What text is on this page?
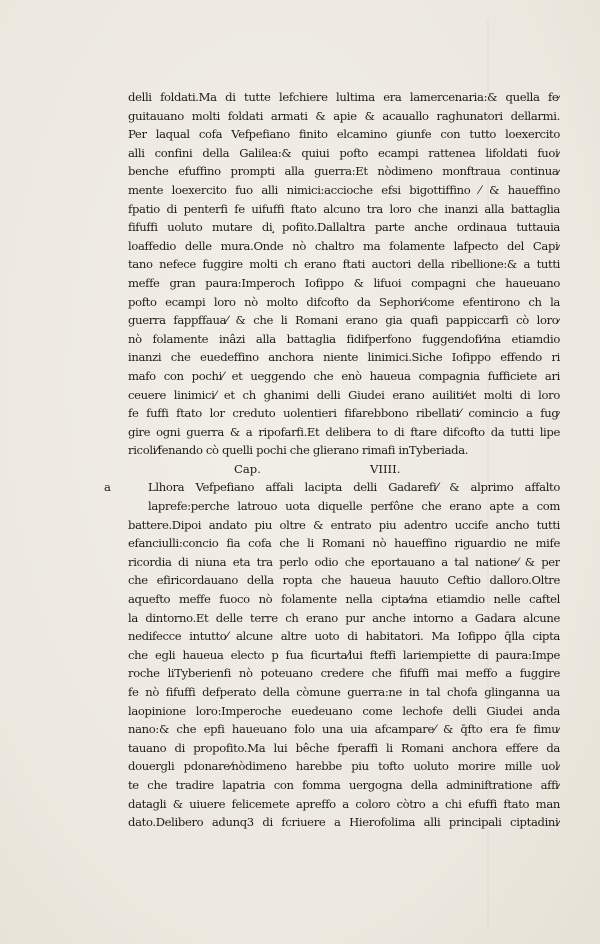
delli foldati.Ma di tutte lefchiere lultima era lamercenaria:& quella fe⁄
guitauano molti foldati armati & apie & acauallo raghunatori dellarmi.
Per laqual cofa Vefpefiano finito elcamino giunfe con tutto loexercito
alli confini della Galilea:& quiui pofto ecampi rattenea lifoldati fuoi⁄
benche efuffino prompti alla guerra:Et nòdimeno monftraua continua⁄
mente loexercito fuo alli nimici:accioche efsi bigottiffino ⁄ & haueffino
fpatio di penterfi fe uifuffi ftato alcuno tra loro che inanzi alla battaglia
fifuffi uoluto mutare di ̧pofito.Dallaltra parte anche ordinaua tuttauia
loaffedio delle mura.Onde nò chaltro ma folamente lafpecto del Capi⁄
tano nefece fuggire molti ch erano ftati auctori della ribellione:& a tutti
meffe gran paura:Imperoch Iofippo & lifuoi compagni che haueuano
pofto ecampi loro nò molto difcofto da Sephori⁄come efentirono ch la
guerra fappffaua⁄ & che li Romani erano gia quafi pappiccarfi cò loro⁄
nò folamente inâzi alla battaglia fidifperfono fuggendofi⁄ma etiamdio
inanzi che euedeffino anchora niente linimici.Siche Iofippo effendo ri
mafo con pochi⁄ et ueggendo che enò haueua compagnia fufficiete ari
ceuere linimici⁄ et ch ghanimi delli Giudei erano auiliti⁄et molti di loro
fe fuffi ftato lor creduto uolentieri fifarebbono ribellati⁄ comincio a fug⁄
gire ogni guerra & a ripofarfi.Et delibera to di ftare difcofto da tutti lipe
ricoli⁄fenando cò quelli pochi che glierano rimafi inTyberiada.
Cap.	VIIII.
a	Llhora Vefpefiano affali lacipta delli Gadarefi⁄ & alprimo affalto
laprefe:perche latrouo uota diquelle perfône che erano apte a com
battere.Dipoi andato piu oltre & entrato piu adentro uccife ancho tutti
efanciulli:concio fia cofa che li Romani nò haueffino riguardio ne mife
ricordia di niuna eta tra perlo odio che eportauano a tal natione⁄ & per
che efiricordauano della ropta che haueua hauuto Ceftio dalloro.Oltre
aquefto meffe fuoco nò folamente nella cipta⁄ma etiamdio nelle caftel
la dintorno.Et delle terre ch erano pur anche intorno a Gadara alcune
nedifecce intutto⁄ alcune altre uoto di habitatori. Ma Iofippo q̄lla cipta
che egli haueua electo p fua ficurta⁄lui fteffi lariempiette di paura:Impe
roche liTyberienfi nò poteuano credere che fifuffi mai meffo a fuggire
fe nò fifuffi defperato della còmune guerra:ne in tal chofa glinganna ua
laopinione loro:Imperoche euedeuano come lechofe delli Giudei anda
nano:& che epfi haueuano folo una uia afcampare⁄ & q̄fto era fe fimu⁄
tauano di propofito.Ma lui bêche fperaffi li Romani anchora effere da
douergli pdonare⁄nòdimeno harebbe piu tofto uoluto morire mille uol⁄
te che tradire lapatria con fomma uergogna della adminiftratione affi⁄
datagli & uiuere felicemete apreffo a coloro còtro a chi efuffi ftato man
dato.Delibero adunq3 di fcriuere a Hierofolima alli principali ciptadini⁄
